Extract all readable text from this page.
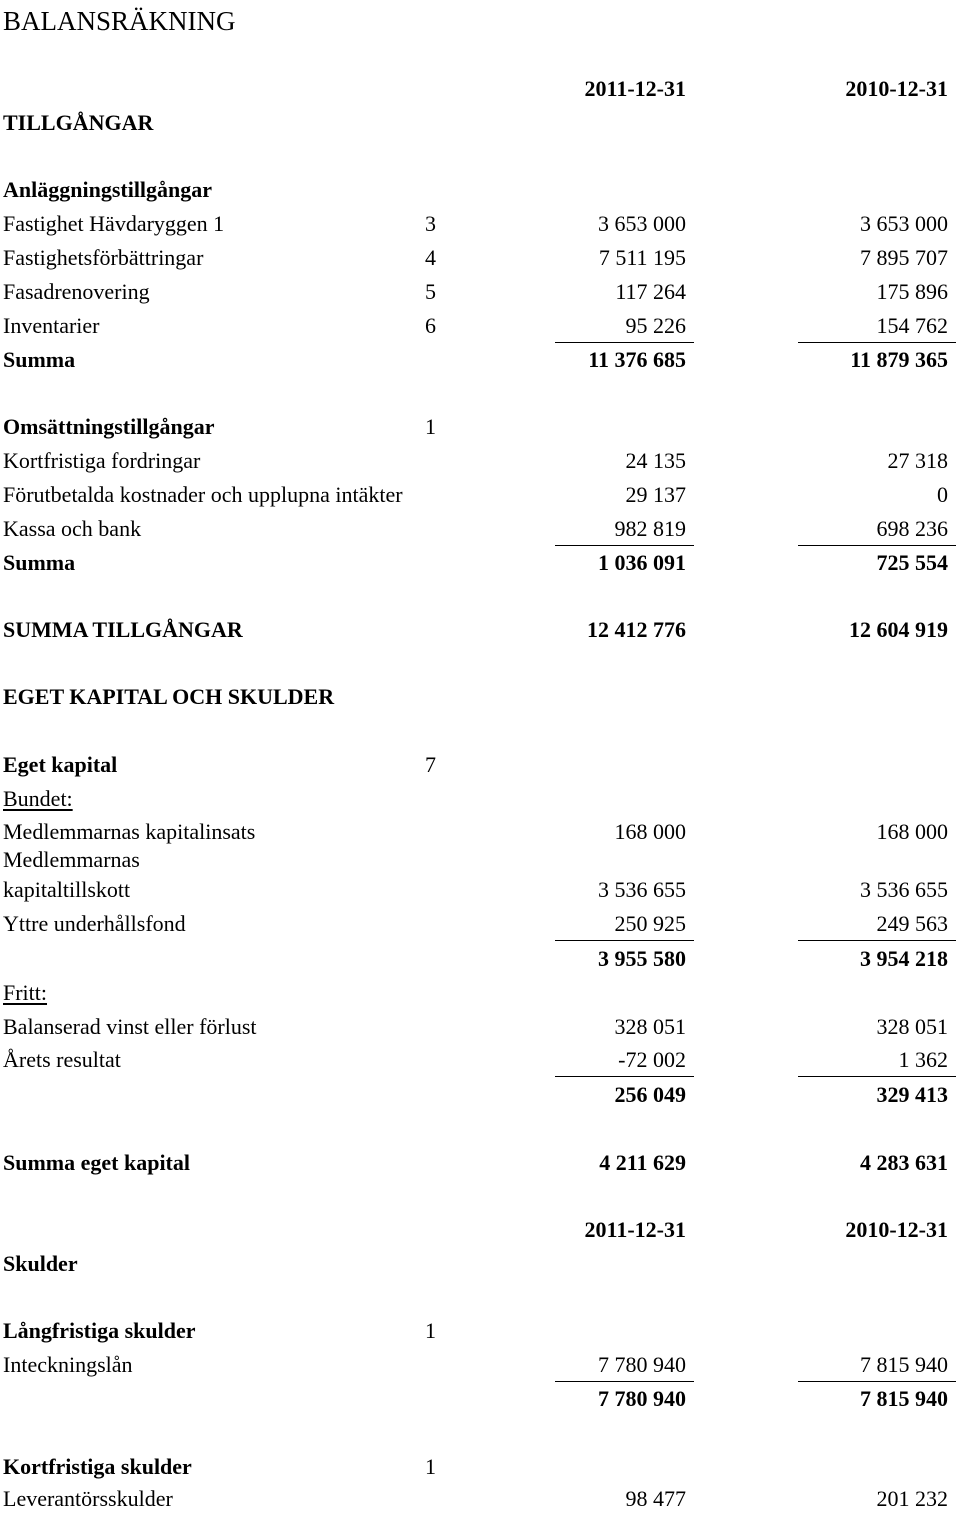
BALANSRÄKNING
2011-12-31	2010-12-31
TILLGÅNGAR
Anläggningstillgångar
Fastighet Hävdaryggen 1	3	3 653 000	3 653 000
Fastighetsförbättringar	4	7 511 195	7 895 707
Fasadrenovering	5	117 264	175 896
Inventarier	6	95 226	154 762
Summa	11 376 685	11 879 365
Omsättningstillgångar	1
Kortfristiga fordringar	24 135	27 318
Förutbetalda kostnader och upplupna intäkter	29 137	0
Kassa och bank	982 819	698 236
Summa	1 036 091	725 554
SUMMA TILLGÅNGAR	12 412 776	12 604 919
EGET KAPITAL OCH SKULDER
Eget kapital	7
Bundet:
Medlemmarnas kapitalinsats	168 000	168 000
Medlemmarnas
kapitaltillskott	3 536 655	3 536 655
Yttre underhållsfond	250 925	249 563
3 955 580	3 954 218
Fritt:
Balanserad vinst eller förlust	328 051	328 051
Årets resultat	-72 002	1 362
256 049	329 413
Summa eget kapital	4 211 629	4 283 631
2011-12-31	2010-12-31
Skulder
Långfristiga skulder	1
Inteckningslån	7 780 940	7 815 940
7 780 940	7 815 940
Kortfristiga skulder	1
Leverantörsskulder	98 477	201 232
